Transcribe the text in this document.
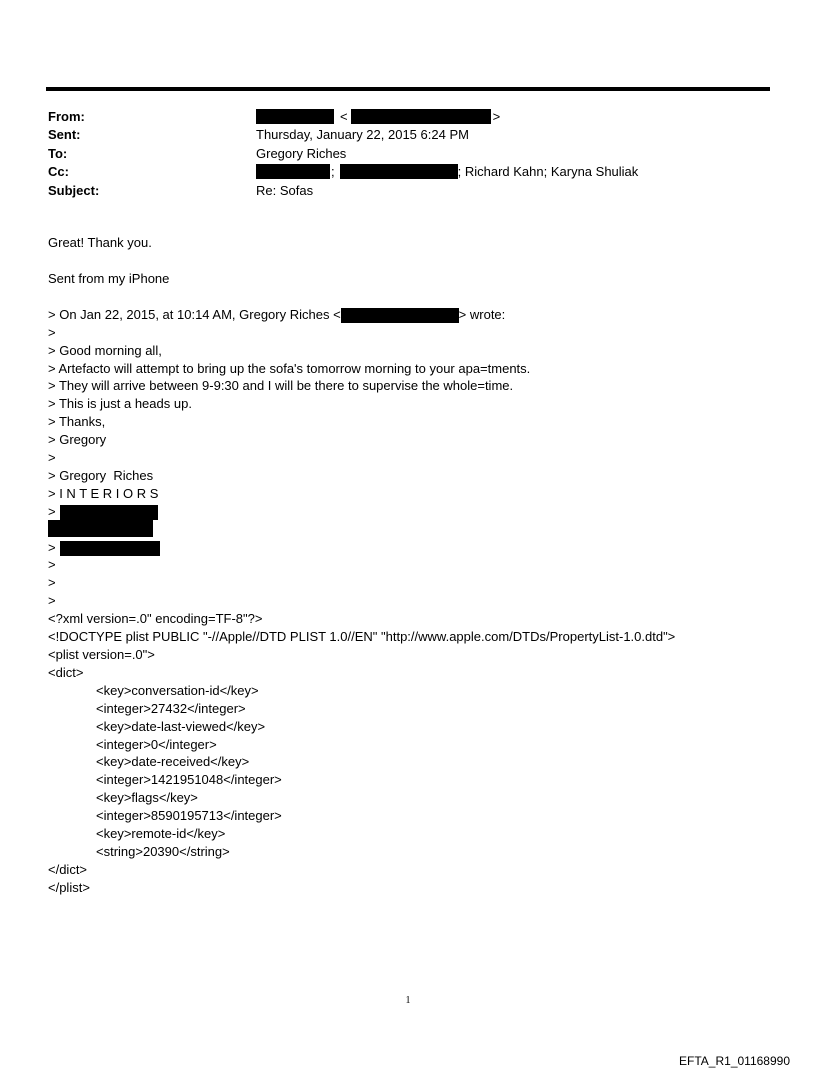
From:	<	>
Sent:	Thursday, January 22, 2015 6:24 PM
To:	Gregory Riches
Cc:	;	; Richard Kahn; Karyna Shuliak
Subject:	Re: Sofas
Great! Thank you.
Sent from my iPhone
> On Jan 22, 2015, at 10:14 AM, Gregory Riches <	> wrote:
>
> Good morning all,
> Artefacto will attempt to bring up the sofa's tomorrow morning to your apa=tments.
> They will arrive between 9-9:30 and I will be there to supervise the whole=time.
> This is just a heads up.
> Thanks,
> Gregory
>
> Gregory  Riches
> I N T E R I O R S
>
>
>
>
>
<?xml version=.0" encoding=TF-8"?>
<!DOCTYPE plist PUBLIC "-//Apple//DTD PLIST 1.0//EN" "http://www.apple.com/DTDs/PropertyList-1.0.dtd">
<plist version=.0">
<dict>
<key>conversation-id</key>
<integer>27432</integer>
<key>date-last-viewed</key>
<integer>0</integer>
<key>date-received</key>
<integer>1421951048</integer>
<key>flags</key>
<integer>8590195713</integer>
<key>remote-id</key>
<string>20390</string>
</dict>
</plist>
1
EFTA_R1_01168990
